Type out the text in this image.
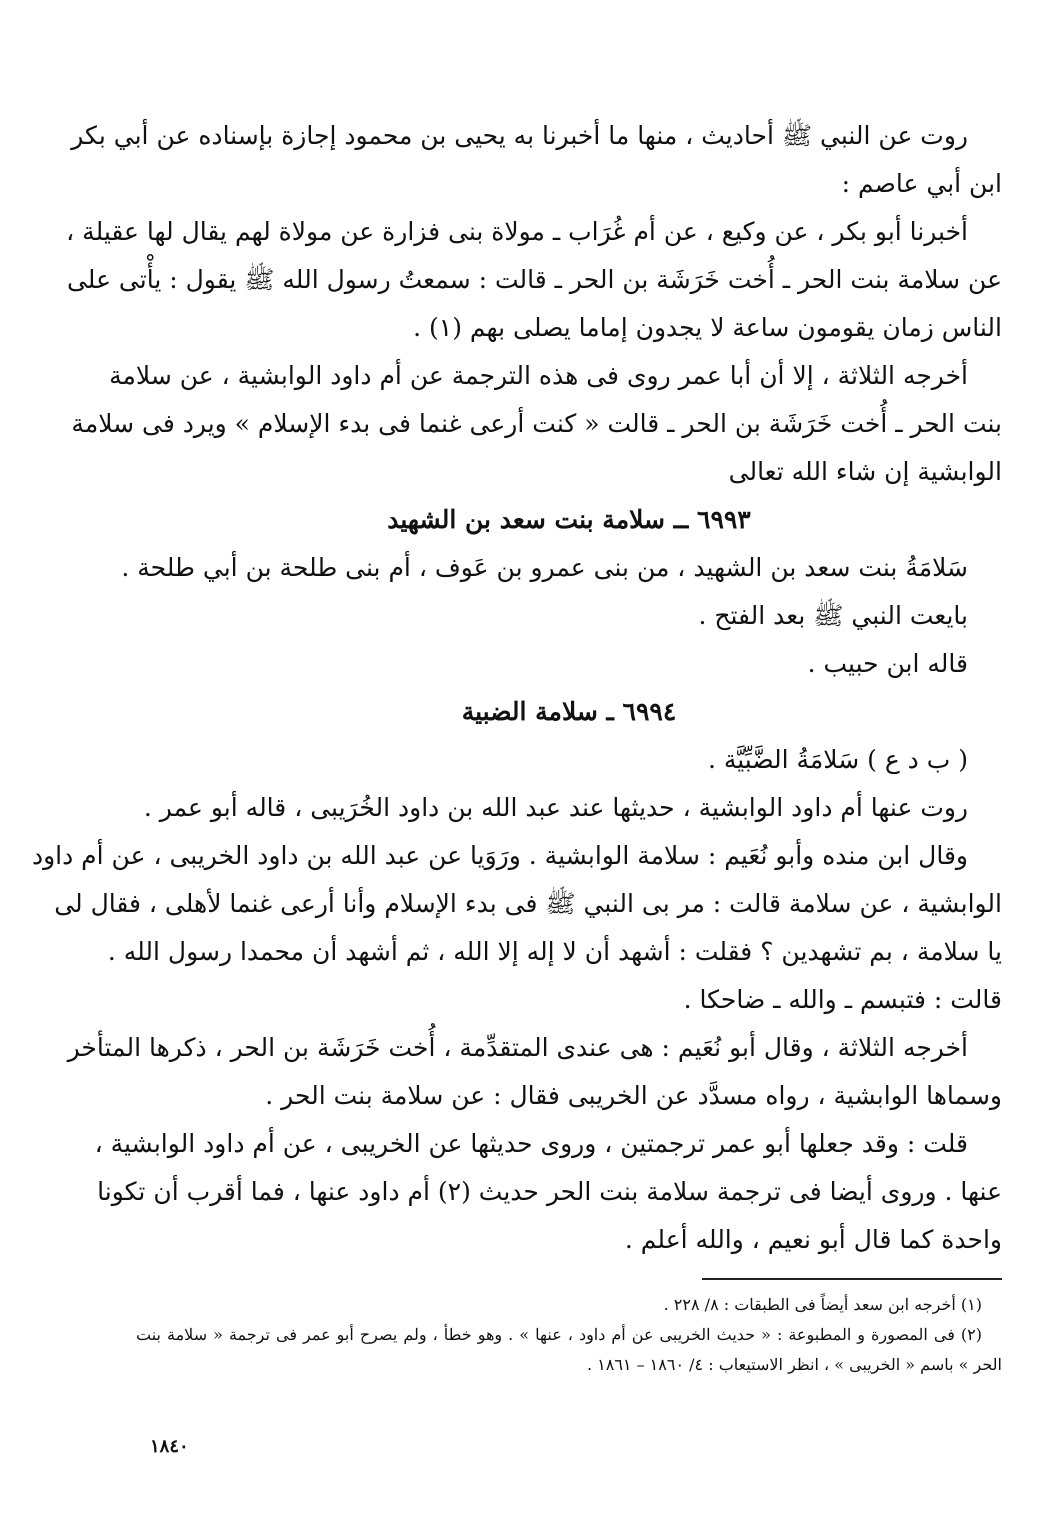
روت عن النبي ﷺ أحاديث ، منها ما أخبرنا به يحيى بن محمود إجازة بإسناده عن أبي بكر

ابن أبي عاصم :

أخبرنا أبو بكر ، عن وكيع ، عن أم غُرَاب ـ مولاة بنى فزارة عن مولاة لهم يقال لها عقيلة ،

عن سلامة بنت الحر ـ أُخت خَرَشَة بن الحر ـ قالت : سمعتُ رسول الله ﷺ يقول : يأْتى على

الناس زمان يقومون ساعة لا يجدون إماما يصلى بهم (١) .

أخرجه الثلاثة ، إلا أن أبا عمر روى فى هذه الترجمة عن أم داود الوابشية ، عن سلامة

بنت الحر ـ أُخت خَرَشَة بن الحر ـ قالت « كنت أرعى غنما فى بدء الإسلام » ويرد فى سلامة

الوابشية إن شاء الله تعالى

٦٩٩٣ ــ سلامة بنت سعد بن الشهيد

سَلامَةُ بنت سعد بن الشهيد ، من بنى عمرو بن عَوف ، أم بنى طلحة بن أبي طلحة .

بايعت النبي ﷺ بعد الفتح .

قاله ابن حبيب .

٦٩٩٤ ـ سلامة الضبية

( ب د ع ) سَلامَةُ الضَّبِّيَّة .

روت عنها أم داود الوابشية ، حديثها عند عبد الله بن داود الخُرَيبى ، قاله أبو عمر .

وقال ابن منده وأبو نُعَيم : سلامة الوابشية . ورَوَيا عن عبد الله بن داود الخريبى ، عن أم داود

الوابشية ، عن سلامة قالت : مر بى النبي ﷺ فى بدء الإسلام وأنا أرعى غنما لأهلى ، فقال لى

يا سلامة ، بم تشهدين ؟ فقلت : أشهد أن لا إله إلا الله ، ثم أشهد أن محمدا رسول الله .

قالت : فتبسم ـ والله ـ ضاحكا .

أخرجه الثلاثة ، وقال أبو نُعَيم : هى عندى المتقدِّمة ، أُخت خَرَشَة بن الحر ، ذكرها المتأخر

وسماها الوابشية ، رواه مسدَّد عن الخريبى فقال : عن سلامة بنت الحر .

قلت : وقد جعلها أبو عمر ترجمتين ، وروى حديثها عن الخريبى ، عن أم داود الوابشية ،

عنها . وروى أيضا فى ترجمة سلامة بنت الحر حديث (٢) أم داود عنها ، فما أقرب أن تكونا

واحدة كما قال أبو نعيم ، والله أعلم .

(١) أخرجه ابن سعد أيضاً فى الطبقات : ٨/ ٢٢٨ .

(٢) فى المصورة و المطبوعة : « حديث الخريبى عن أم داود ، عنها » . وهو خطأ ، ولم يصرح أبو عمر فى ترجمة « سلامة بنت

الحر » باسم « الخريبى » ، انظر الاستيعاب : ٤/ ١٨٦٠ – ١٨٦١ .

١٨٤٠
